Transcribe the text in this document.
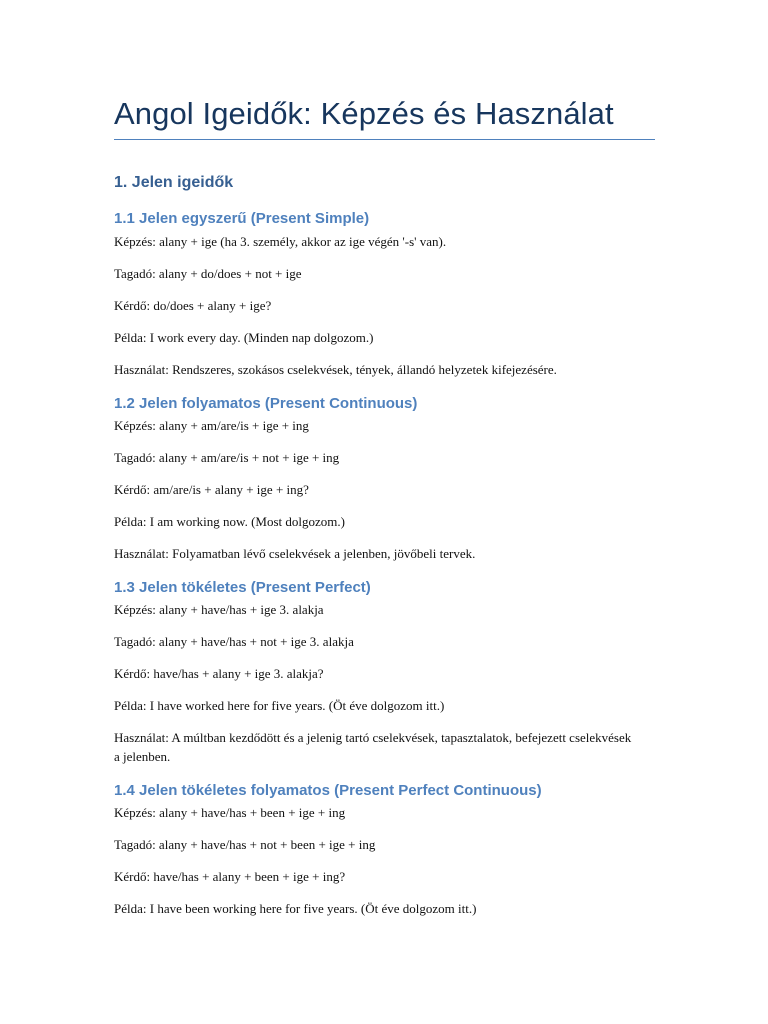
Angol Igeidők: Képzés és Használat
1. Jelen igeidők
1.1 Jelen egyszerű (Present Simple)
Képzés: alany + ige (ha 3. személy, akkor az ige végén '-s' van).
Tagadó: alany + do/does + not + ige
Kérdő: do/does + alany + ige?
Példa: I work every day. (Minden nap dolgozom.)
Használat: Rendszeres, szokásos cselekvések, tények, állandó helyzetek kifejezésére.
1.2 Jelen folyamatos (Present Continuous)
Képzés: alany + am/are/is + ige + ing
Tagadó: alany + am/are/is + not + ige + ing
Kérdő: am/are/is + alany + ige + ing?
Példa: I am working now. (Most dolgozom.)
Használat: Folyamatban lévő cselekvések a jelenben, jövőbeli tervek.
1.3 Jelen tökéletes (Present Perfect)
Képzés: alany + have/has + ige 3. alakja
Tagadó: alany + have/has + not + ige 3. alakja
Kérdő: have/has + alany + ige 3. alakja?
Példa: I have worked here for five years. (Öt éve dolgozom itt.)
Használat: A múltban kezdődött és a jelenig tartó cselekvések, tapasztalatok, befejezett cselekvések a jelenben.
1.4 Jelen tökéletes folyamatos (Present Perfect Continuous)
Képzés: alany + have/has + been + ige + ing
Tagadó: alany + have/has + not + been + ige + ing
Kérdő: have/has + alany + been + ige + ing?
Példa: I have been working here for five years. (Öt éve dolgozom itt.)
